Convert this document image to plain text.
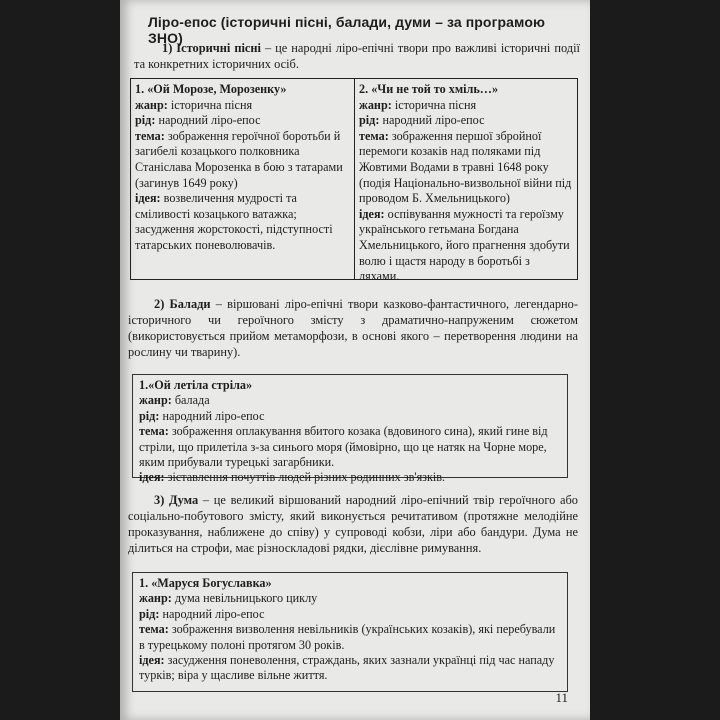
Ліро-епос (історичні пісні, балади, думи – за програмою ЗНО)
1) Історичні пісні – це народні ліро-епічні твори про важливі історичні події та конкретних історичних осіб.
1. «Ой Морозе, Морозенку»
жанр: історична пісня
рід: народний ліро-епос
тема: зображення героїчної боротьби й загибелі козацького полковника Станіслава Морозенка в бою з татарами (загинув 1649 року)
ідея: возвеличення мудрості та сміливості козацького ватажка; засудження жорстокості, підступності татарських поневолювачів.
2. «Чи не той то хміль…»
жанр: історична пісня
рід: народний ліро-епос
тема: зображення першої збройної перемоги козаків над поляками під Жовтими Водами в травні 1648 року (подія Національно-визвольної війни під проводом Б. Хмельницького)
ідея: оспівування мужності та героїзму українського гетьмана Богдана Хмельницького, його прагнення здобути волю і щастя народу в боротьбі з ляхами.
2) Балади – віршовані ліро-епічні твори казково-фантастичного, легендарно-історичного чи героїчного змісту з драматично-напруженим сюжетом (використовується прийом метаморфози, в основі якого – перетворення людини на рослину чи тварину).
1.«Ой летіла стріла»
жанр: балада
рід: народний ліро-епос
тема: зображення оплакування вбитого козака (вдовиного сина), який гине від стріли, що прилетіла з-за синього моря (ймовірно, що це натяк на Чорне море, яким прибували турецькі загарбники.
ідея: зіставлення почуттів людей різних родинних зв'язків.
3) Дума – це великий віршований народний ліро-епічний твір героїчного або соціально-побутового змісту, який виконується речитативом (протяжне мелодійне проказування, наближене до співу) у супроводі кобзи, ліри або бандури. Дума не ділиться на строфи, має різноскладові рядки, дієслівне римування.
1. «Маруся Богуславка»
жанр: дума невільницького циклу
рід: народний ліро-епос
тема: зображення визволення невільників (українських козаків), які перебували в турецькому полоні протягом 30 років.
ідея: засудження поневолення, страждань, яких зазнали українці під час нападу турків; віра у щасливе вільне життя.
11
